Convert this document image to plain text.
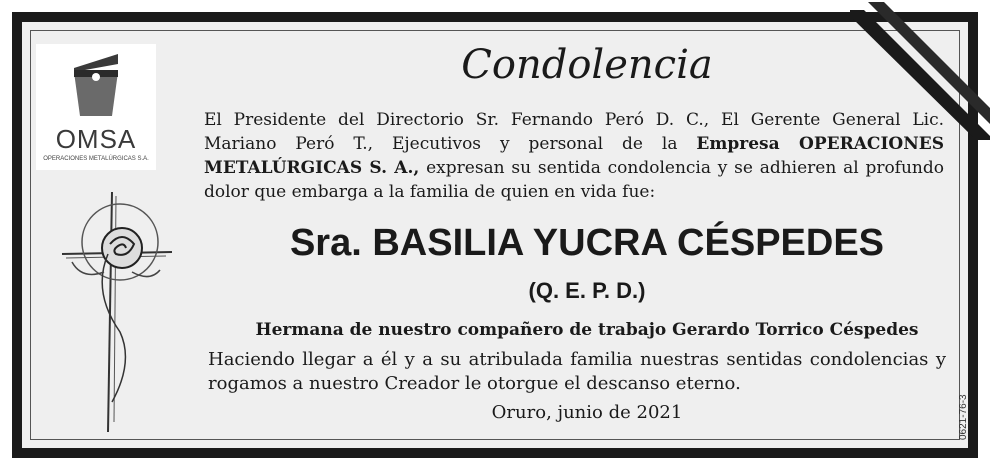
OMSA
OPERACIONES METALÚRGICAS S.A.
Condolencia
El Presidente del Directorio Sr. Fernando Peró D. C., El Gerente General Lic. Mariano Peró T., Ejecutivos y personal de la Empresa OPERACIONES METALÚRGICAS S. A., expresan su sentida condolencia y se adhieren al profundo dolor que embarga a la familia de quien en vida fue:
Sra. BASILIA YUCRA CÉSPEDES
(Q. E. P. D.)
Hermana de nuestro compañero de trabajo Gerardo Torrico Céspedes
Haciendo llegar a él y a su atribulada familia nuestras sentidas condolencias y rogamos a nuestro Creador le otorgue el descanso eterno.
Oruro, junio de 2021	0621-76-3
